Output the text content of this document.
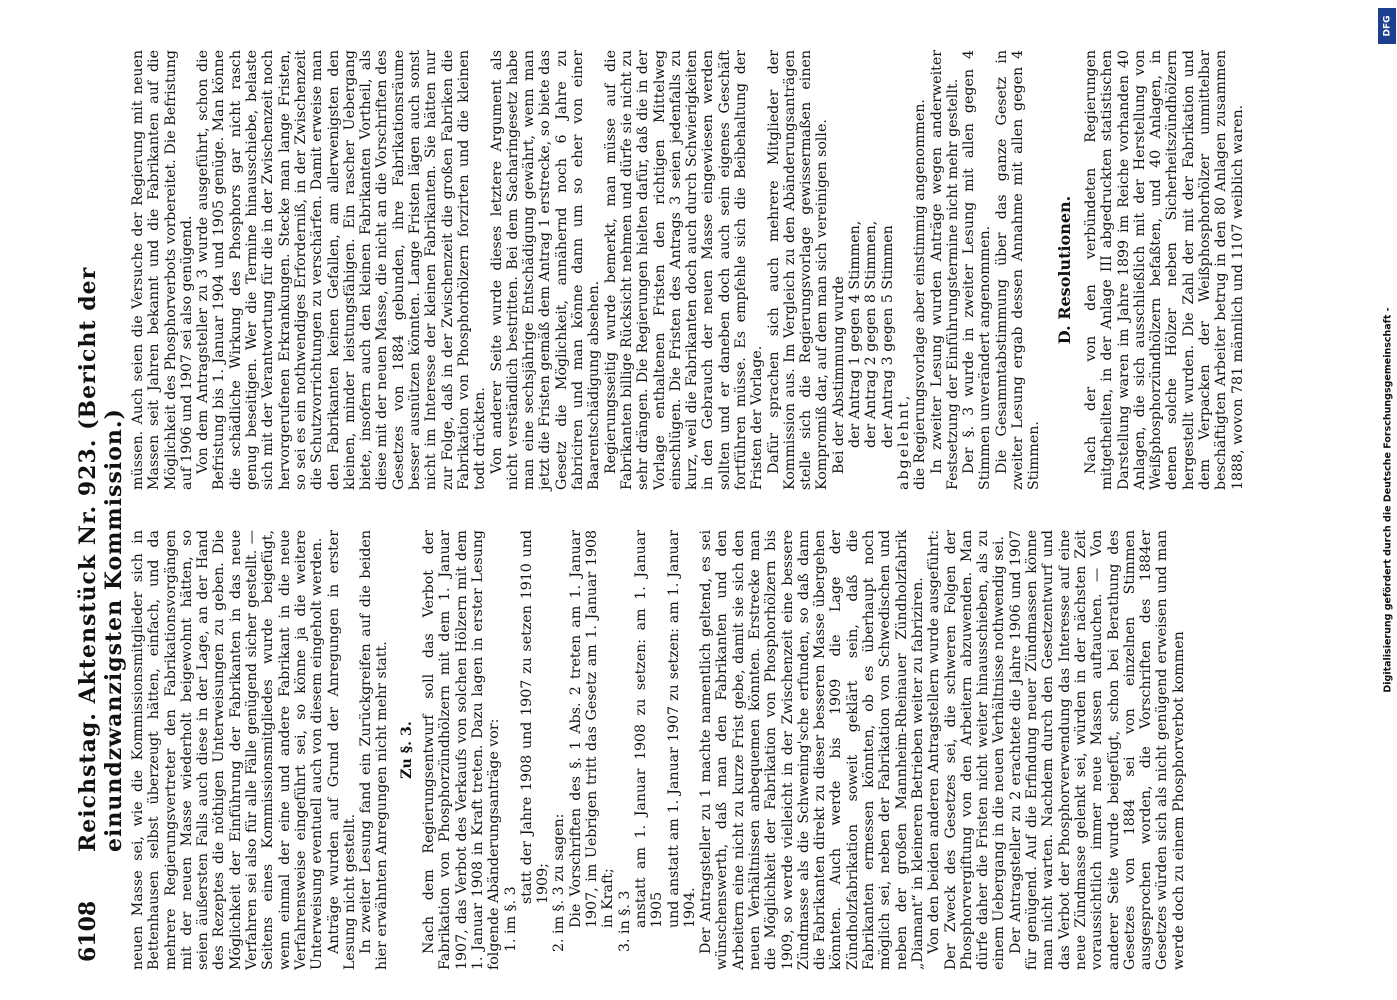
6108
Reichstag. Aktenstück Nr. 923. (Bericht der einundzwanzigsten Kommission.) neuen Masse sei, wie die Kommissionsmitglieder sich in Bettenhausen selbst überzeugt hätten, einfach, und da mehrere Regierungsvertreter den Fabrikationsvorgängen mit der neuen Masse wiederholt beigewohnt hätten, so seien äußersten Falls auch diese in der Lage, an der Hand des Rezeptes die nöthigen Unterweisungen zu geben. Die Möglichkeit der Einführung der Fabrikanten in das neue Verfahren sei also für alle Fälle genügend sicher gestellt. — Seitens eines Kommissionsmitgliedes wurde beigefügt, wenn einmal der eine und andere Fabrikant in die neue Verfahrensweise eingeführt sei, so könne ja die weitere Unterweisung eventuell auch von diesem eingeholt werden. Anträge wurden auf Grund der Anregungen in erster Lesung nicht gestellt. In zweiter Lesung fand ein Zurückgreifen auf die beiden hier erwähnten Anregungen nicht mehr statt. Zu §. 3. Nach dem Regierungsentwurf soll das Verbot der Fabrikation von Phosphorzündhölzern mit dem 1. Januar 1907, das Verbot des Verkaufs von solchen Hölzern mit dem 1. Januar 1908 in Kraft treten. Dazu lagen in erster Lesung folgende Abänderungsanträge vor: 1. im §. 3

statt der Jahre 1908 und 1907 zu setzen 1910 und 1909; 2. im §. 3 zu sagen: Die Vorschriften des §. 1 Abs. 2 treten am 1. Januar 1907, im Uebrigen tritt das Gesetz am 1. Januar 1908 in Kraft; 3. in §. 3 anstatt am 1. Januar 1908 zu setzen: am 1. Januar 1905 und anstatt am 1. Januar 1907 zu setzen: am 1. Januar 1904. Der Antragsteller zu 1 machte namentlich geltend, es sei wünschenswerth, daß man den Fabrikanten und den Arbeitern eine nicht zu kurze Frist gebe, damit sie sich den neuen Verhältnissen anbequemen könnten. Erstrecke man die Möglichkeit der Fabrikation von Phosphorhölzern bis 1909, so werde vielleicht in der Zwischenzeit eine bessere Zündmasse als die Schwening'sche erfunden, so daß dann die Fabrikanten direkt zu dieser besseren Masse übergehen könnten. Auch werde bis 1909 die Lage der Zündholzfabrikation soweit geklärt sein, daß die Fabrikanten ermessen könnten, ob es überhaupt noch möglich sei, neben der Fabrikation von Schwedischen und neben der großen Mannheim-Rheinauer Zündholzfabrik „Diamant“ in kleineren Betrieben weiter zu fabriziren. Von den beiden anderen Antragstellern wurde ausgeführt: Der Zweck des Gesetzes sei, die schweren Folgen der Phosphorvergiftung von den Arbeitern abzuwenden. Man dürfe daher die Fristen nicht weiter hinausschieben, als zu einem Uebergang in die neuen Verhältnisse nothwendig sei. Der Antragsteller zu 2 erachtete die Jahre 1906 und 1907 für genügend. Auf die Erfindung neuer Zündmassen könne man nicht warten. Nachdem durch den Gesetzentwurf und das Verbot der Phosphorverwendung das Interesse auf eine neue Zündmasse gelenkt sei, würden in der nächsten Zeit voraussichtlich immer neue Massen auftauchen. — Von anderer Seite wurde beigefügt, schon bei Berathung des Gesetzes von 1884 sei von einzelnen Stimmen ausgesprochen worden, die Vorschriften des 1884er Gesetzes würden sich als nicht genügend erweisen und man werde doch zu einem Phosphorverbot kommen

müssen. Auch seien die Versuche der Regierung mit neuen Massen seit Jahren bekannt und die Fabrikanten auf die Möglichkeit des Phosphorverbots vorbereitet. Die Befristung auf 1906 und 1907 sei also genügend. Von dem Antragsteller zu 3 wurde ausgeführt, schon die Befristung bis 1. Januar 1904 und 1905 genüge. Man könne die schädliche Wirkung des Phosphors gar nicht rasch genug beseitigen. Wer die Termine hinausschiebe, belaste sich mit der Verantwortung für die in der Zwischenzeit noch hervorgerufenen Erkrankungen. Stecke man lange Fristen, so sei es ein nothwendiges Erforderniß, in der Zwischenzeit die Schutzvorrichtungen zu verschärfen. Damit erweise man den Fabrikanten keinen Gefallen, am allerwenigsten den kleinen, minder leistungsfähigen. Ein rascher Uebergang biete, insofern auch den kleinen Fabrikanten Vortheil, als diese mit der neuen Masse, die nicht an die Vorschriften des Gesetzes von 1884 gebunden, ihre Fabrikationsräume besser ausnützen könnten. Lange Fristen lägen auch sonst nicht im Interesse der kleinen Fabrikanten. Sie hätten nur zur Folge, daß in der Zwischenzeit die großen Fabriken die Fabrikation von Phosphorhölzern forzirten und die kleinen todt drückten. Von anderer Seite wurde dieses letztere Argument als nicht verständlich bestritten. Bei dem Sacharingesetz habe man eine sechsjährige Entschädigung gewährt, wenn man jetzt die Fristen gemäß dem Antrag 1 erstrecke, so biete das Gesetz die Möglichkeit, annähernd noch 6 Jahre zu fabriciren und man könne dann um so eher von einer Baarentschädigung absehen. Regierungsseitig wurde bemerkt, man müsse auf die Fabrikanten billige Rücksicht nehmen und dürfe sie nicht zu sehr drängen. Die Regierungen hielten dafür, daß die in der Vorlage enthaltenen Fristen den richtigen Mittelweg einschlügen. Die Fristen des Antrags 3 seien jedenfalls zu kurz, weil die Fabrikanten doch auch durch Schwierigkeiten in den Gebrauch der neuen Masse eingewiesen werden sollten und er daneben doch auch sein eigenes Geschäft fortführen müsse. Es empfehle sich die Beibehaltung der Fristen der Vorlage. Dafür sprachen sich auch mehrere Mitglieder der Kommission aus. Im Vergleich zu den Abänderungsanträgen stelle sich die Regierungsvorlage gewissermaßen einen Kompromiß dar, auf dem man sich vereinigen solle. Bei der Abstimmung wurde der Antrag 1 gegen 4 Stimmen, der Antrag 2 gegen 8 Stimmen, der Antrag 3 gegen 5 Stimmen abgelehnt, die Regierungsvorlage aber einstimmig angenommen. In zweiter Lesung wurden Anträge wegen anderweiter Festsetzung der Einführungstermine nicht mehr gestellt. Der §. 3 wurde in zweiter Lesung mit allen gegen 4 Stimmen unverändert angenommen. Die Gesammtabstimmung über das ganze Gesetz in zweiter Lesung ergab dessen Annahme mit allen gegen 4 Stimmen.

D. Resolutionen. Nach der von den verbündeten Regierungen mitgetheilten, in der Anlage III abgedruckten statistischen Darstellung waren im Jahre 1899 im Reiche vorhanden 40 Anlagen, die sich ausschließlich mit der Herstellung von Weißphosphorzündhölzern befaßten, und 40 Anlagen, in denen solche Hölzer neben Sicherheitszündhölzern hergestellt wurden. Die Zahl der mit der Fabrikation und dem Verpacken der Weißphosphorhölzer unmittelbar beschäftigten Arbeiter betrug in den 80 Anlagen zusammen 1888, wovon 781 männlich und 1107 weiblich waren.

Digitalisierung gefördert durch die Deutsche Forschungsgemeinschaft -
DFG
